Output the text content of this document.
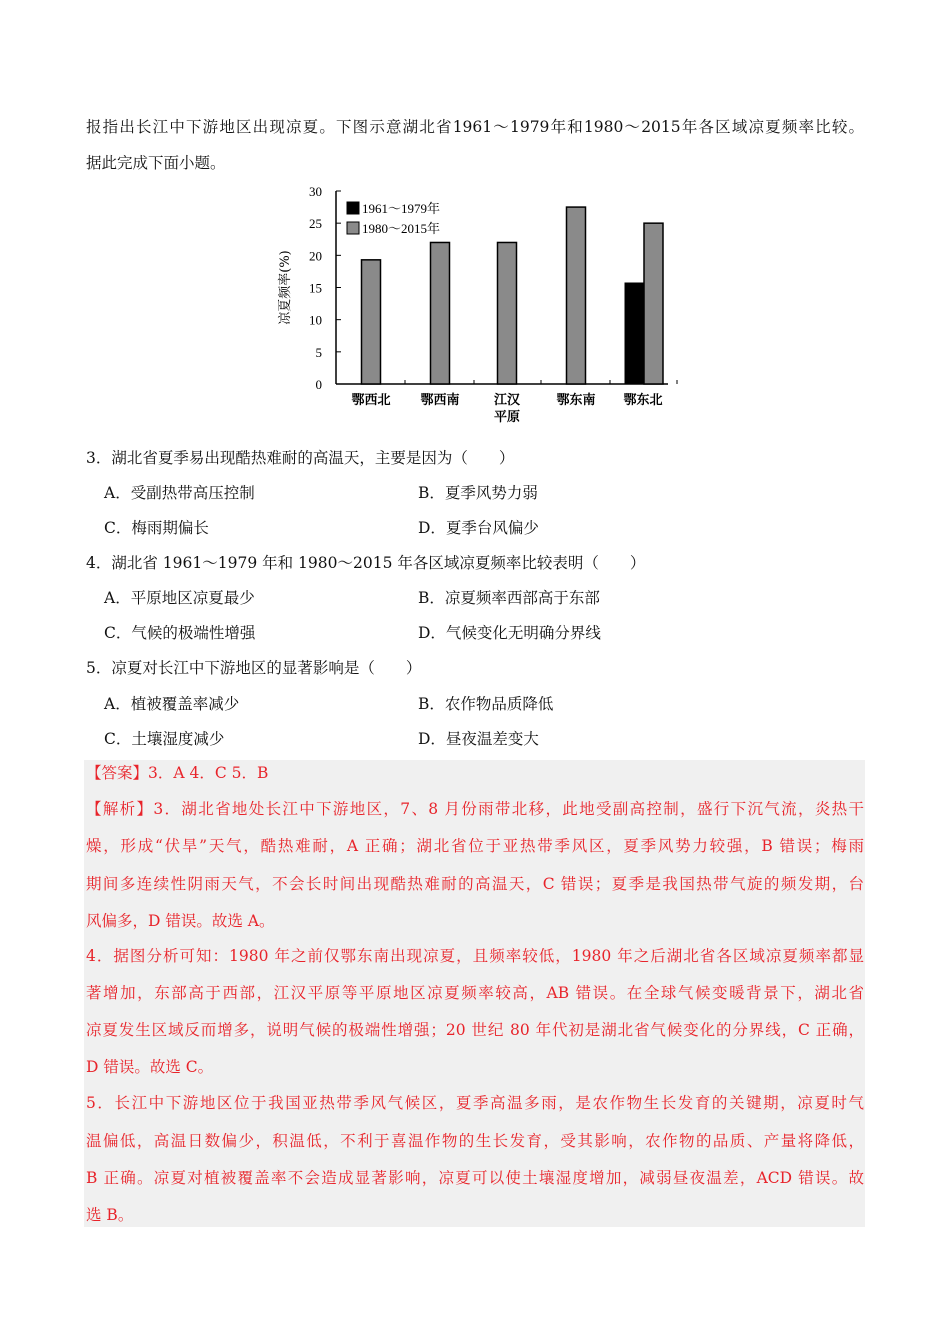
报指出长江中下游地区出现凉夏。下图示意湖北省1961～1979年和1980～2015年各区域凉夏频率比较。
据此完成下面小题。
0
5
10
15
20
25
30
凉夏频率(%)
鄂西北 鄂西南	江汉
平原
鄂东南 鄂东北
1961～1979年
1980～2015年
3．湖北省夏季易出现酷热难耐的高温天，主要是因为（　　）
A．受副热带高压控制	B．夏季风势力弱
C．梅雨期偏长	D．夏季台风偏少
4．湖北省 1961～1979 年和 1980～2015 年各区域凉夏频率比较表明（　　）
A．平原地区凉夏最少	B．凉夏频率西部高于东部
C．气候的极端性增强	D．气候变化无明确分界线
5．凉夏对长江中下游地区的显著影响是（　　）
A．植被覆盖率减少	B．农作物品质降低
C．土壤湿度减少	D．昼夜温差变大
【答案】3．A 4．C 5．B
【解析】3．湖北省地处长江中下游地区，7、8 月份雨带北移，此地受副高控制，盛行下沉气流，炎热干
燥，形成“伏旱”天气，酷热难耐，A 正确；湖北省位于亚热带季风区，夏季风势力较强，B 错误；梅雨
期间多连续性阴雨天气，不会长时间出现酷热难耐的高温天，C 错误；夏季是我国热带气旋的频发期，台
风偏多，D 错误。故选 A。
4．据图分析可知：1980 年之前仅鄂东南出现凉夏，且频率较低，1980 年之后湖北省各区域凉夏频率都显
著增加，东部高于西部，江汉平原等平原地区凉夏频率较高，AB 错误。在全球气候变暖背景下，湖北省
凉夏发生区域反而增多，说明气候的极端性增强；20 世纪 80 年代初是湖北省气候变化的分界线，C 正确，
D 错误。故选 C。
5．长江中下游地区位于我国亚热带季风气候区，夏季高温多雨，是农作物生长发育的关键期，凉夏时气
温偏低，高温日数偏少，积温低，不利于喜温作物的生长发育，受其影响，农作物的品质、产量将降低，
B 正确。凉夏对植被覆盖率不会造成显著影响，凉夏可以使土壤湿度增加，减弱昼夜温差，ACD 错误。故
选 B。
